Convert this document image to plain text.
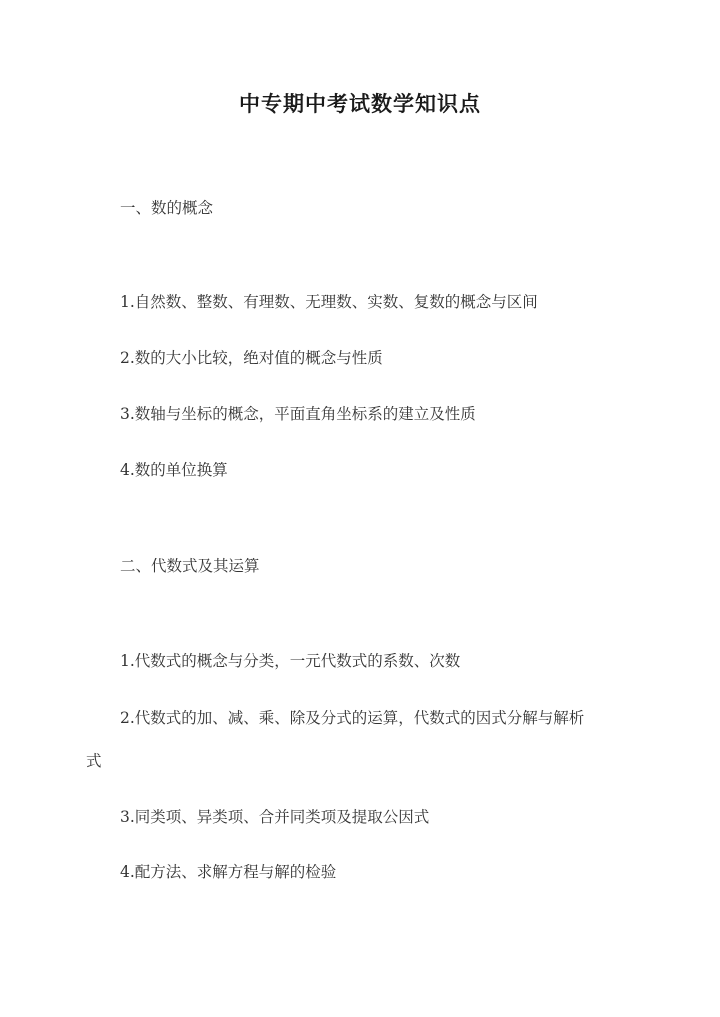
中专期中考试数学知识点
一、数的概念
1.自然数、整数、有理数、无理数、实数、复数的概念与区间
2.数的大小比较，绝对值的概念与性质
3.数轴与坐标的概念，平面直角坐标系的建立及性质
4.数的单位换算
二、代数式及其运算
1.代数式的概念与分类，一元代数式的系数、次数
2.代数式的加、减、乘、除及分式的运算，代数式的因式分解与解析
式
3.同类项、异类项、合并同类项及提取公因式
4.配方法、求解方程与解的检验
